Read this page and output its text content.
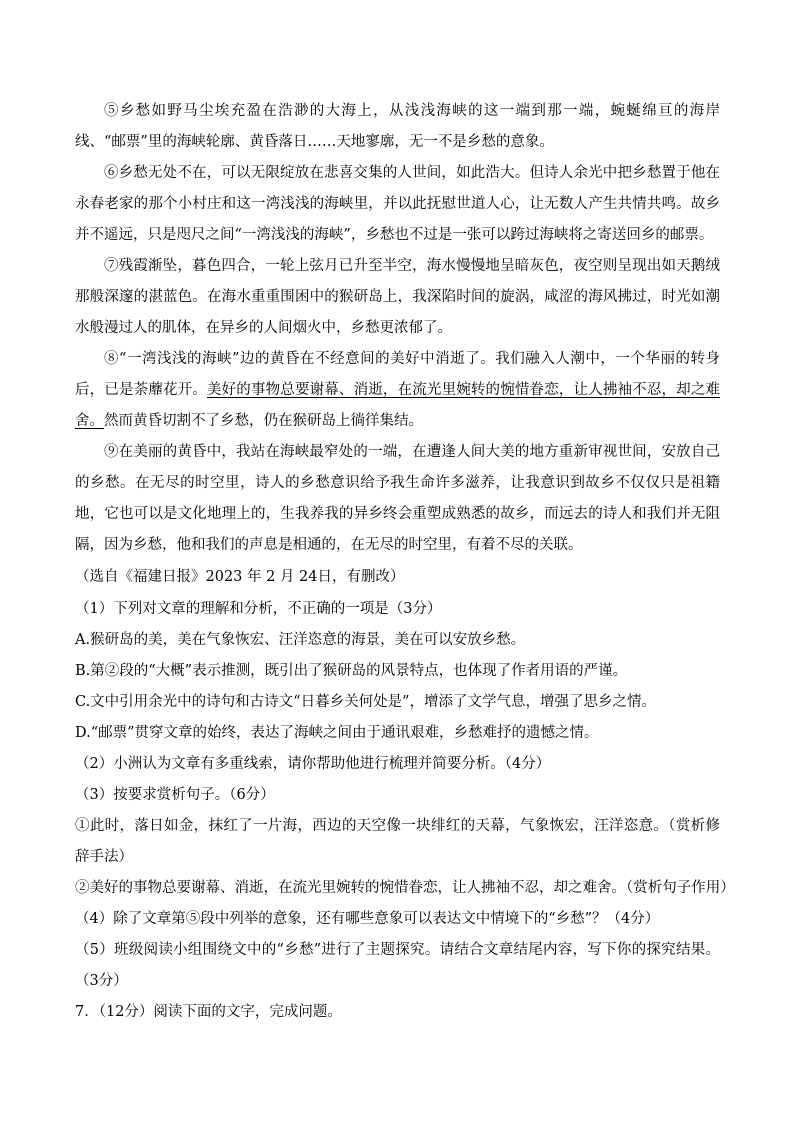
⑤乡愁如野马尘埃充盈在浩渺的大海上，从浅浅海峡的这一端到那一端，蜿蜒绵亘的海岸线、“邮票”里的海峡轮廓、黄昏落日……天地寥廓，无一不是乡愁的意象。

⑥乡愁无处不在，可以无限绽放在悲喜交集的人世间，如此浩大。但诗人余光中把乡愁置于他在永春老家的那个小村庄和这一湾浅浅的海峡里，并以此抚慰世道人心，让无数人产生共情共鸣。故乡并不遥远，只是咫尺之间“一湾浅浅的海峡”，乡愁也不过是一张可以跨过海峡将之寄送回乡的邮票。

⑦残霞渐坠，暮色四合，一轮上弦月已升至半空，海水慢慢地呈暗灰色，夜空则呈现出如天鹅绒那般深邃的湛蓝色。在海水重重围困中的猴研岛上，我深陷时间的旋涡，咸涩的海风拂过，时光如潮水般漫过人的肌体，在异乡的人间烟火中，乡愁更浓郁了。

⑧“一湾浅浅的海峡”边的黄昏在不经意间的美好中消逝了。我们融入人潮中，一个华丽的转身后，已是荼蘼花开。美好的事物总要谢幕、消逝，在流光里婉转的惋惜眷恋，让人拂袖不忍，却之难舍。然而黄昏切割不了乡愁，仍在猴研岛上徜徉集结。

⑨在美丽的黄昏中，我站在海峡最窄处的一端，在遭逢人间大美的地方重新审视世间，安放自己的乡愁。在无尽的时空里，诗人的乡愁意识给予我生命许多滋养，让我意识到故乡不仅仅只是祖籍地，它也可以是文化地理上的，生我养我的异乡终会重塑成熟悉的故乡，而远去的诗人和我们并无阻隔，因为乡愁，他和我们的声息是相通的，在无尽的时空里，有着不尽的关联。

（选自《福建日报》2023 年 2 月 24日，有删改）

（1）下列对文章的理解和分析，不正确的一项是（3分）

A.猴研岛的美，美在气象恢宏、汪洋恣意的海景，美在可以安放乡愁。

B.第②段的“大概”表示推测，既引出了猴研岛的风景特点，也体现了作者用语的严谨。

C.文中引用余光中的诗句和古诗文“日暮乡关何处是”，增添了文学气息，增强了思乡之情。

D.“邮票”贯穿文章的始终，表达了海峡之间由于通讯艰难，乡愁难抒的遗憾之情。

（2）小洲认为文章有多重线索，请你帮助他进行梳理并简要分析。（4分）

（3）按要求赏析句子。（6分）

①此时，落日如金，抹红了一片海，西边的天空像一块绯红的天幕，气象恢宏，汪洋恣意。（赏析修辞手法）

②美好的事物总要谢幕、消逝，在流光里婉转的惋惜眷恋，让人拂袖不忍，却之难舍。（赏析句子作用）

（4）除了文章第⑤段中列举的意象，还有哪些意象可以表达文中情境下的“乡愁”？（4分）

（5）班级阅读小组围绕文中的“乡愁”进行了主题探究。请结合文章结尾内容，写下你的探究结果。（3分）

7．（12分）阅读下面的文字，完成问题。
